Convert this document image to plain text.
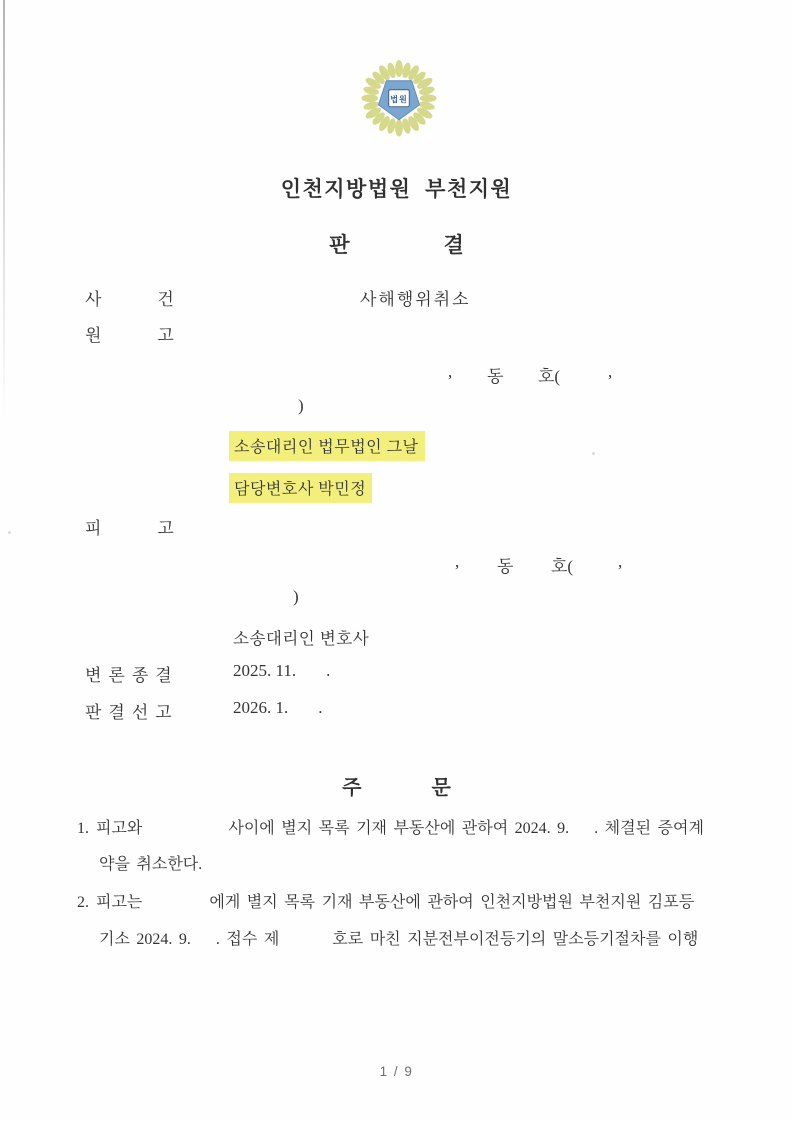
법원
인천지방법원 부천지원
판	결
사건	사해행위취소
원고
, 동 호(	,
)
소송대리인 법무법인 그날
담당변호사 박민정
피고
, 동 호(	,
)
소송대리인 변호사
변론종결	2025. 11. .
판결선고	2026. 1. .
주	문
1. 피고와	사이에 별지 목록 기재 부동산에 관하여 2024. 9. . 체결된 증여계
약을 취소한다.
2. 피고는	에게 별지 목록 기재 부동산에 관하여 인천지방법원 부천지원 김포등
기소 2024. 9. . 접수 제	호로 마친 지분전부이전등기의 말소등기절차를 이행
1 / 9
